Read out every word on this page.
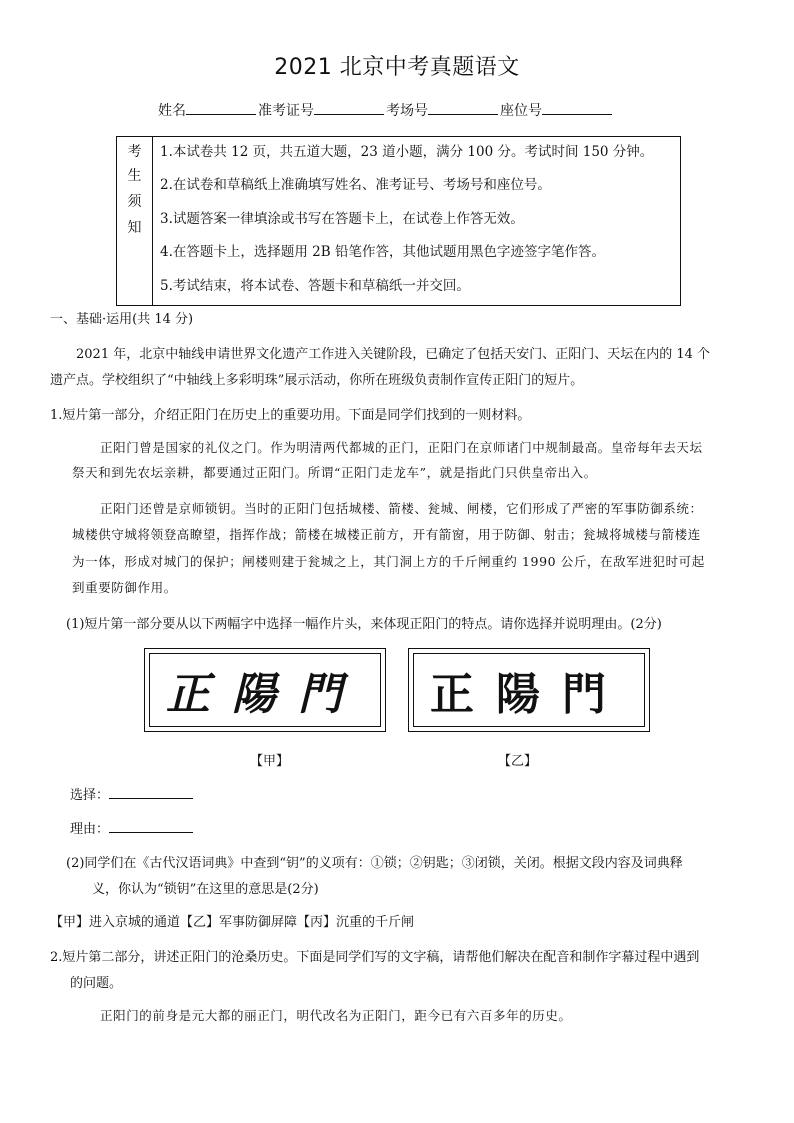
2021 北京中考真题语文
姓名	准考证号	考场号	座位号
考
生
须
知
1.本试卷共 12 页，共五道大题，23 道小题，满分 100 分。考试时间 150 分钟。
2.在试卷和草稿纸上准确填写姓名、准考证号、考场号和座位号。
3.试题答案一律填涂或书写在答题卡上，在试卷上作答无效。
4.在答题卡上，选择题用 2B 铅笔作答，其他试题用黑色字迹签字笔作答。
5.考试结束，将本试卷、答题卡和草稿纸一并交回。
一、基础·运用(共 14 分)
2021 年，北京中轴线申请世界文化遗产工作进入关键阶段，已确定了包括天安门、正阳门、天坛在内的 14 个
遗产点。学校组织了“中轴线上多彩明珠”展示活动，你所在班级负责制作宣传正阳门的短片。
1.短片第一部分，介绍正阳门在历史上的重要功用。下面是同学们找到的一则材料。
正阳门曾是国家的礼仪之门。作为明清两代都城的正门，正阳门在京师诸门中规制最高。皇帝每年去天坛
祭天和到先农坛亲耕，都要通过正阳门。所谓“正阳门走龙车”，就是指此门只供皇帝出入。
正阳门还曾是京师锁钥。当时的正阳门包括城楼、箭楼、瓮城、闸楼，它们形成了严密的军事防御系统：
城楼供守城将领登高瞭望，指挥作战；箭楼在城楼正前方，开有箭窗，用于防御、射击；瓮城将城楼与箭楼连
为一体，形成对城门的保护；闸楼则建于瓮城之上，其门洞上方的千斤闸重约 1990 公斤，在敌军进犯时可起
到重要防御作用。
(1)短片第一部分要从以下两幅字中选择一幅作片头，来体现正阳门的特点。请你选择并说明理由。(2分)
正陽門	正陽門
【甲】	【乙】
选择：
理由：
(2)同学们在《古代汉语词典》中查到“钥”的义项有：①锁；②钥匙；③闭锁，关闭。根据文段内容及词典释
义，你认为“锁钥”在这里的意思是(2分)
【甲】进入京城的通道【乙】军事防御屏障【丙】沉重的千斤闸
2.短片第二部分，讲述正阳门的沧桑历史。下面是同学们写的文字稿，请帮他们解决在配音和制作字幕过程中遇到
的问题。
正阳门的前身是元大都的丽正门，明代改名为正阳门，距今已有六百多年的历史。
